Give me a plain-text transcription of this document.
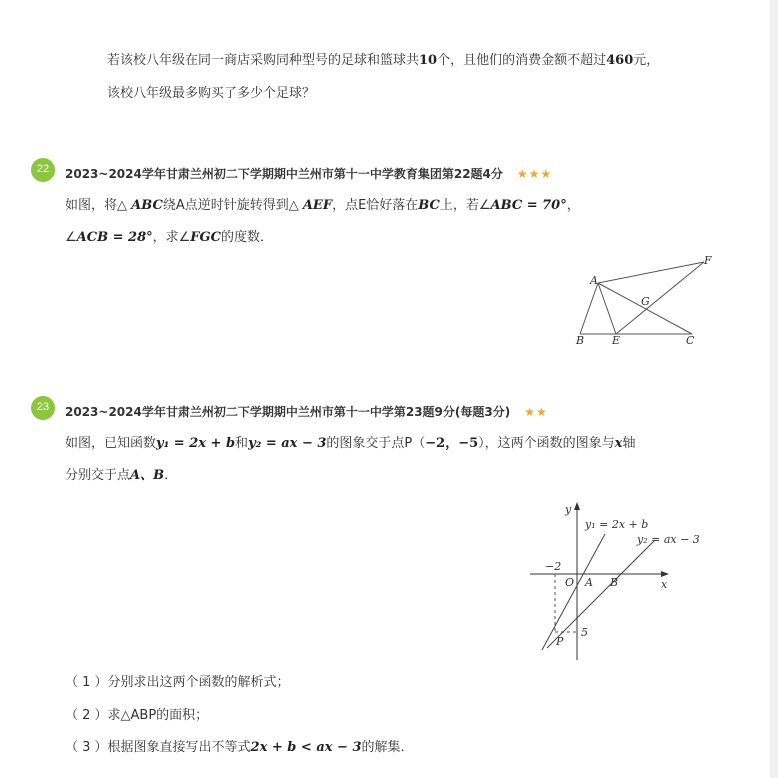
若该校八年级在同一商店采购同种型号的足球和篮球共10个，且他们的消费金额不超过460元，
该校八年级最多购买了多少个足球？
22	2023~2024学年甘肃兰州初二下学期期中兰州市第十一中学教育集团第22题4分 ★★★
如图，将△ ABC绕A点逆时针旋转得到△ AEF，点E恰好落在BC上，若∠ABC = 70°，
∠ACB = 28°，求∠FGC的度数．
A
B	E	C
F
G
23	2023~2024学年甘肃兰州初二下学期期中兰州市第十一中学第23题9分(每题3分) ★★
如图，已知函数y₁ = 2x + b和y₂ = ax − 3的图象交于点P（−2，−5），这两个函数的图象与x轴
分别交于点A、B．
y
x
y₁ = 2x + b
y₂ = ax − 3
−2
5
O A B
P
（ 1 ）分别求出这两个函数的解析式；
（ 2 ）求△ABP的面积；
（ 3 ）根据图象直接写出不等式2x + b < ax − 3的解集．
